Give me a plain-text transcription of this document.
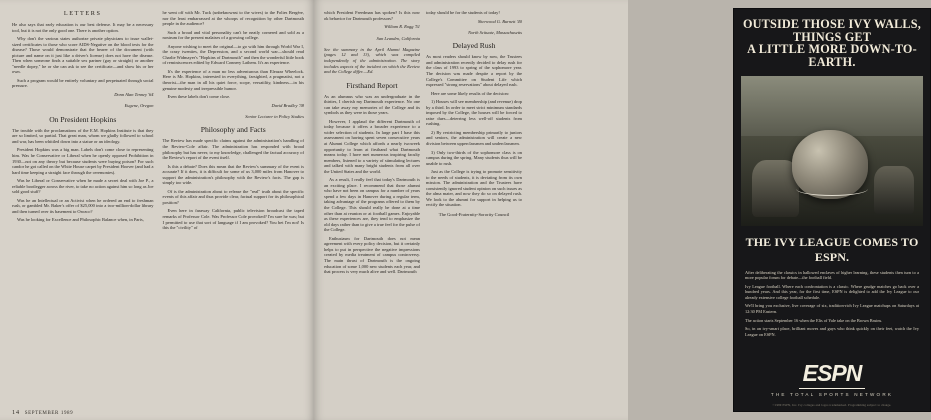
LETTERS

He also says that early education is our best defense. It may be a necessary tool, but it is not the only good one. There is another option.

Why don't the various states authorize private physicians to issue wallet-sized certificates to those who score AIDS-Negative on the blood tests for the disease? Those would demonstrate that the bearer of the document (with picture and name on it just like a driver's license) does not have the disease. Then when someone finds a suitable sex partner (gay or straight) or another "needle dopey," he or she can ask to see the certificate—and show his or her own.

Such a program would be entirely voluntary and perpetuated through social pressure.

Donn Alan Tenney '64
Eugene, Oregon
On President Hopkins

The trouble with the proclamations of the E.M. Hopkins Institute is that they are so limited, so partial. That great man, whom we gladly followed to school and war, has been whittled down into a statue or an ideology.

President Hopkins was a big man. Labels don't come close to representing him. Was he Conservative or Liberal when he openly opposed Prohibition in 1930—not on any theory but because students were buying poison? For such candor he got called on the White House carpet by President Hoover (and had a hard time keeping a straight face through the ceremonies).

Was he Liberal or Conservative when he made a secret deal with Joe P., a reliable bootlegger across the river, to take no action against him so long as Joe sold good stuff?

Was he an Intellectual or an Activist when he ordered an end to freshman rush, or gambled Mr. Baker's offer of $25,000 into a two-million-dollar library and then turned over its basement to Orozco?

Was he looking for Excellence and Philosophic Balance when, in Paris,

he went off with Mr. Tuck (unbeknownst to the wives) to the Folies Bergère, nor the least embarrassed at the whoops of recognition by other Dartmouth people in the audience?

Such a broad and vital personality can't be neatly cornered and sold as a nostrum for the present malaises of a growing college.

Anyone wishing to meet the original—to go with him through World War I, the crazy twenties, the Depression, and a second world war—should read Charlie Widmayer's "Hopkins of Dartmouth" and then the wonderful little book of reminiscences edited by Edward Connery Lathem. It's an experience.

It's the experience of a man no less adventurous than Eleazar Wheelock. Here is Mr. Hopkins, interested in everything, farsighted, a pragmatist, not a theorist—the man in all his quiet force, scope, versatility, kindness—in his genuine modesty and irrepressible humor.

Even these labels don't come close.

David Bradley '38
Senior Lecturer in Policy Studies
Philosophy and Facts

The Review has made specific claims against the administration's handling of the Review-Cole affair. The administration has responded with broad philosophy but has never, to my knowledge, challenged the factual accuracy of the Review's report of the event itself.

Is this a debate? Does this mean that the Review's summary of the event is accurate? If it does, it is difficult for some of us 3,000 miles from Hanover to support the administration's philosophy with the Review's facts. The gap is simply too wide.

Of is the administration about to release the "real" truth about the specific events of this affair and thus provide clear, factual support for its philosophical position?

Even here in faraway California, public television broadcast the taped remarks of Professor Cole. Was Professor Cole provoked? I'm sure he was; but I permitted to use that sort of language if I am provoked? You bet I'm not! Is this the "civility" of

14 SEPTEMBER 1989

which President Freedman has spoken? Is this now ok behavior for Dartmouth professors?

William R. Rogg '51
San Leandro, California

See the summary in the April Alumni Magazine (pages 12 and 13), which was compiled independently of the administration. The story includes aspects of the incident on which the Review and the College differ.—Ed.

Firsthand Report

As an alumnus who was an undergraduate in the thirties, I cherish my Dartmouth experience. No one can take away my memories of the College and its symbols as they were in those years.

However, I applaud the different Dartmouth of today because it offers a broader experience to a wider selection of students. In large part I base this assessment on having spent seven consecutive years at Alumni College which affords a nearly twoweek opportunity to learn at firsthand what Dartmouth means today. I have met numerous inspiring faculty members, listened to a variety of stimulating lectures and talked with many bright students from all over the United States and the world.

As a result, I really feel that today's Dartmouth is an exciting place. I recommend that those alumni who have not been on campus for a number of years spend a few days in Hanover during a regular term, taking advantage of the programs offered to them by the College. This should really be done at a time other than at reunion or at football games. Enjoyable as these experiences are, they tend to emphasize the old days rather than to give a true feel for the pulse of the College.

Enthusiasm for Dartmouth does not mean agreement with every policy decision, but it certainly helps to put in perspective the negative impressions created by media treatment of campus controversy. The main thrust of Dartmouth is the ongoing education of some 1,000 new students each year, and that process is very much alive and well. Dartmouth

today should be for the students of today!

Sherwood G. Burnett '40
North Scituate, Massachusetts
Delayed Rush

As most readers should know by now, the Trustees and administration recently decided to delay rush for the class of 1993 to spring of the sophomore year. The decision was made despite a report by the College's Committee on Student Life which expressed "strong reservations" about delayed rush.

Here are some likely results of the decision:

1) Houses will see membership (and revenue) drop by a third. In order to meet strict minimum standards imposed by the College, the houses will be forced to raise dues—deterring less well-off students from rushing.

2) By restricting membership primarily to juniors and seniors, the administration will create a new division between upperclassmen and underclassmen.

3) Only two-thirds of the sophomore class is on campus during the spring. Many students thus will be unable to rush.

Just as the College is trying to promote sensitivity to the needs of students, it is deviating from its own mission. The administration and the Trustees have consistently ignored student opinion on such issues as the alma mater, and now they do so on delayed rush. We look to the alumni for support in helping us to rectify the situation.

The Good-Fraternity-Sorority Council
OUTSIDE THOSE IVY WALLS,
THINGS GET
A LITTLE MORE DOWN-TO-EARTH.
THE IVY LEAGUE COMES TO ESPN.

After deliberating the classics in hallowed enclaves of higher learning, these students then turn to a more popular forum for debate—the football field.

Ivy League football. Where each confrontation is a classic. Where grudge matches go back over a hundred years. And this year, for the first time, ESPN is delighted to add the Ivy League to our already extensive college football schedule.

We'll bring you exclusive, live coverage of six, tradition-rich Ivy League matchups on Saturdays at 12:30 PM Eastern.

The action starts September 16 when the Elis of Yale take on the Brown Bruins.

So, in an ivy-smart place, brilliant moves and guys who think quickly on their feet, watch the Ivy League on ESPN.

ESPN
THE TOTAL SPORTS NETWORK
©1989 ESPN, Inc. Ivy colleges and logos trademarked. Programming subject to change.
